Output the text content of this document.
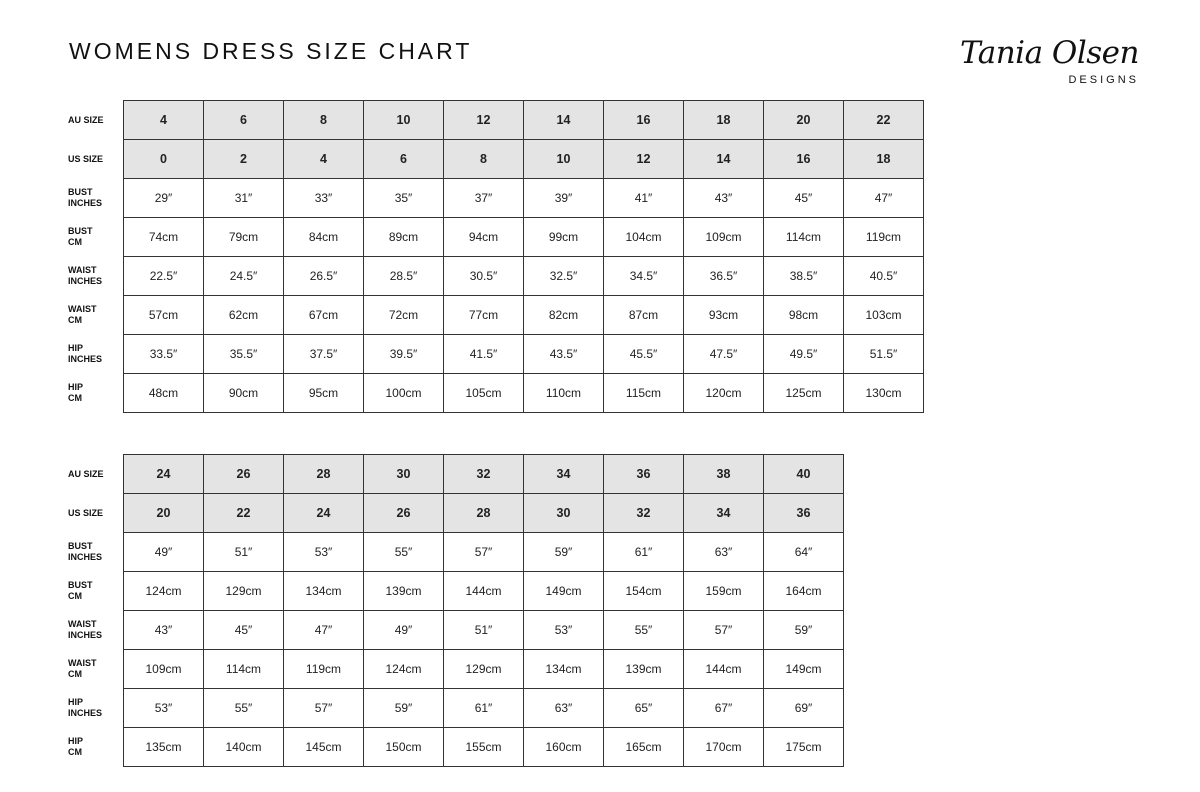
WOMENS DRESS SIZE CHART	Tania Olsen
DESIGNS
AU SIZE	4	6	8	10	12	14	16	18	20	22

US SIZE	0	2	4	6	8	10	12	14	16	18

BUST
INCHES	29″	31″	33″	35″	37″	39″	41″	43″	45″	47″

BUST
CM	74cm	79cm	84cm	89cm	94cm	99cm	104cm	109cm	114cm	119cm

WAIST
INCHES	22.5″	24.5″	26.5″	28.5″	30.5″	32.5″	34.5″	36.5″	38.5″	40.5″

WAIST
CM	57cm	62cm	67cm	72cm	77cm	82cm	87cm	93cm	98cm	103cm

HIP
INCHES	33.5″	35.5″	37.5″	39.5″	41.5″	43.5″	45.5″	47.5″	49.5″	51.5″

HIP
CM	48cm	90cm	95cm	100cm	105cm	110cm	115cm	120cm	125cm	130cm
AU SIZE	24	26	28	30	32	34	36	38	40

US SIZE	20	22	24	26	28	30	32	34	36

BUST
INCHES	49″	51″	53″	55″	57″	59″	61″	63″	64″

BUST
CM	124cm	129cm	134cm	139cm	144cm	149cm	154cm	159cm	164cm

WAIST
INCHES	43″	45″	47″	49″	51″	53″	55″	57″	59″

WAIST
CM	109cm	114cm	119cm	124cm	129cm	134cm	139cm	144cm	149cm

HIP
INCHES	53″	55″	57″	59″	61″	63″	65″	67″	69″

HIP
CM	135cm	140cm	145cm	150cm	155cm	160cm	165cm	170cm	175cm
